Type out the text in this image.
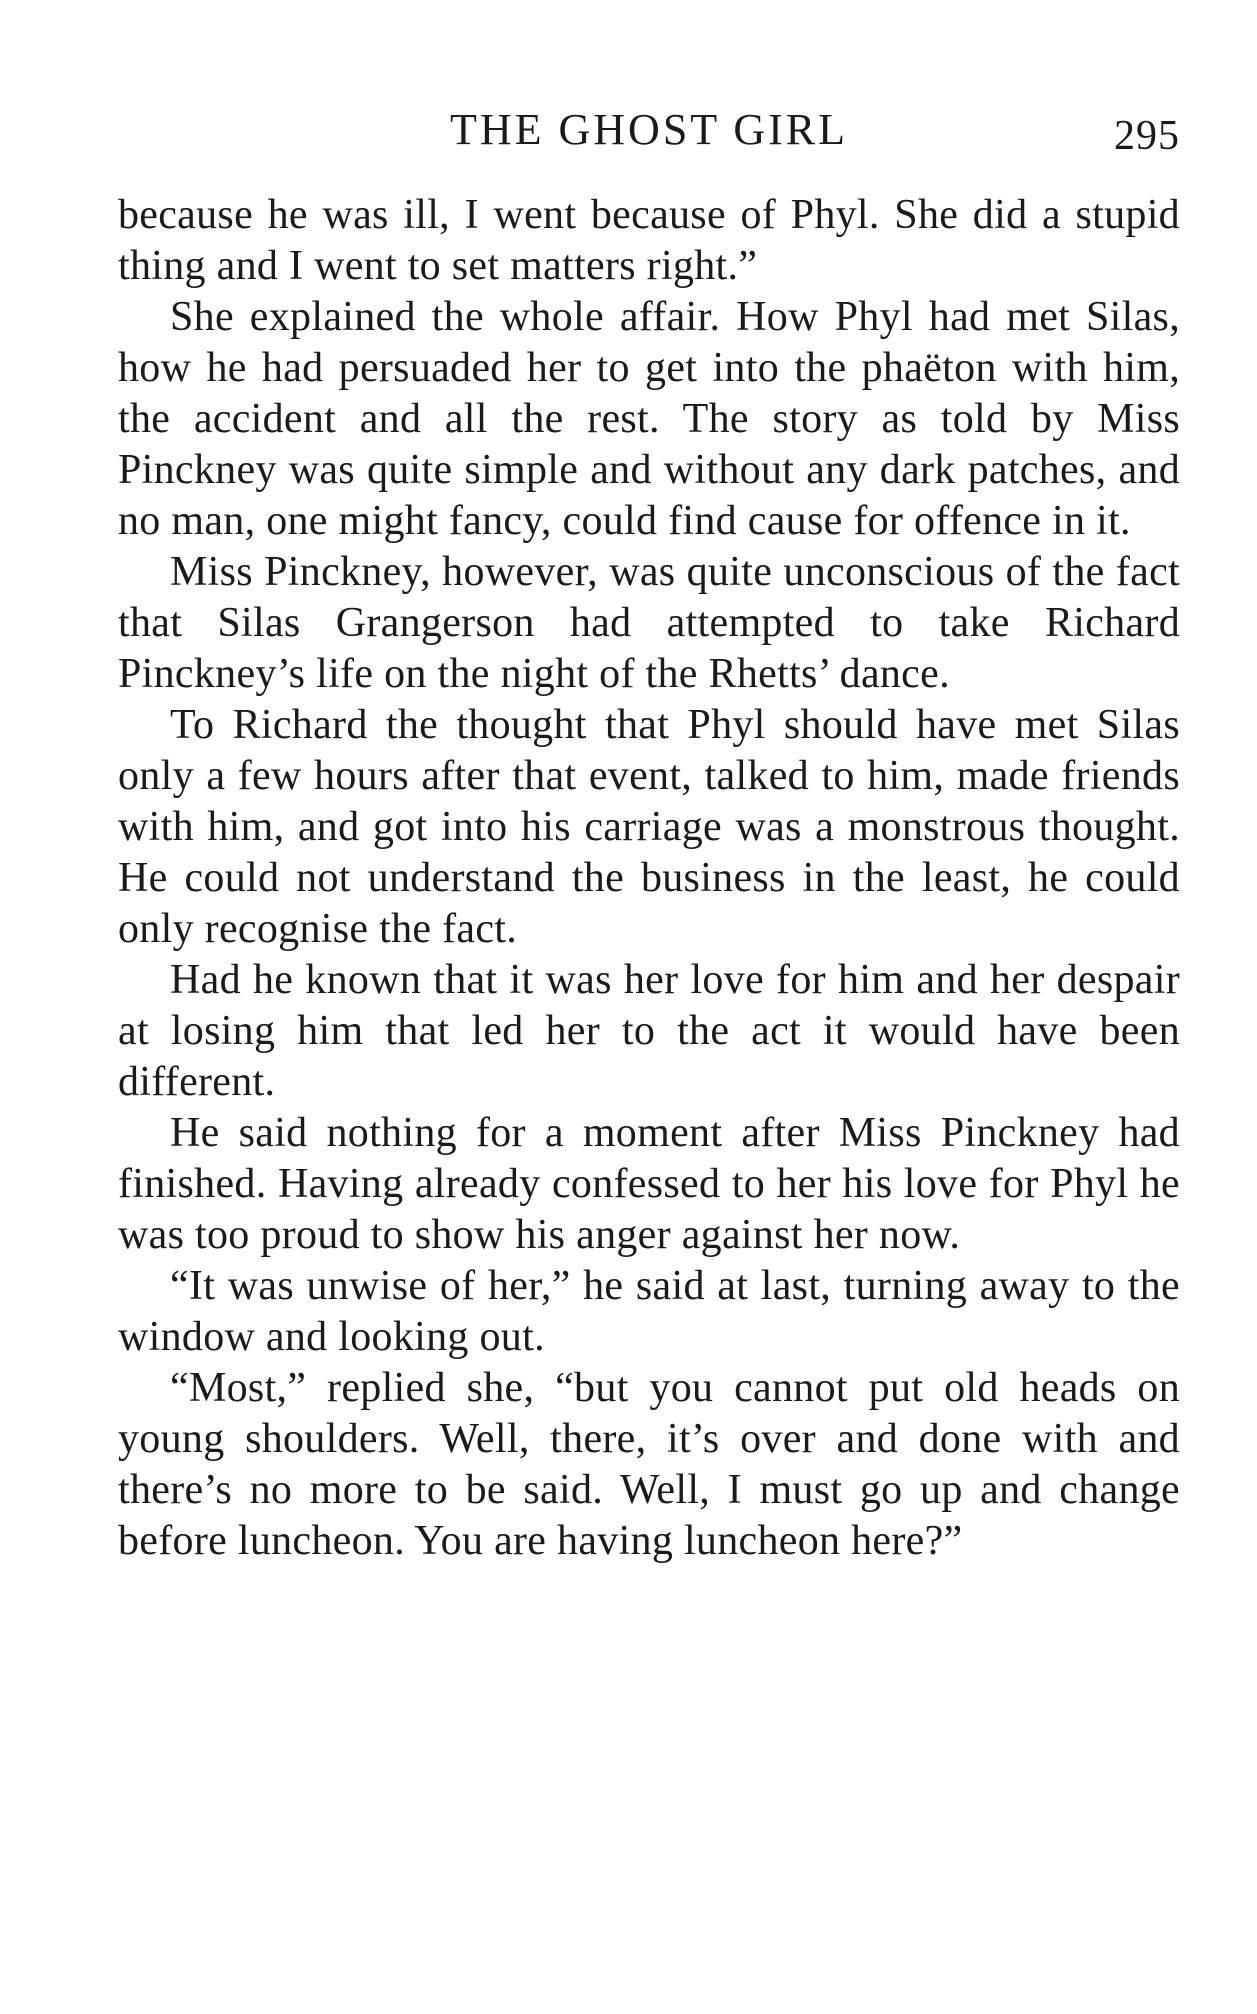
THE GHOST GIRL	295

because he was ill, I went because of Phyl. She did a stupid thing and I went to set matters right.”

She explained the whole affair. How Phyl had met Silas, how he had persuaded her to get into the phaëton with him, the accident and all the rest. The story as told by Miss Pinckney was quite simple and without any dark patches, and no man, one might fancy, could find cause for offence in it.

Miss Pinckney, however, was quite unconscious of the fact that Silas Grangerson had attempted to take Richard Pinckney’s life on the night of the Rhetts’ dance.

To Richard the thought that Phyl should have met Silas only a few hours after that event, talked to him, made friends with him, and got into his carriage was a monstrous thought. He could not understand the business in the least, he could only recognise the fact.

Had he known that it was her love for him and her despair at losing him that led her to the act it would have been different.

He said nothing for a moment after Miss Pinckney had finished. Having already confessed to her his love for Phyl he was too proud to show his anger against her now.

“It was unwise of her,” he said at last, turning away to the window and looking out.

“Most,” replied she, “but you cannot put old heads on young shoulders. Well, there, it’s over and done with and there’s no more to be said. Well, I must go up and change before luncheon. You are having luncheon here?”
